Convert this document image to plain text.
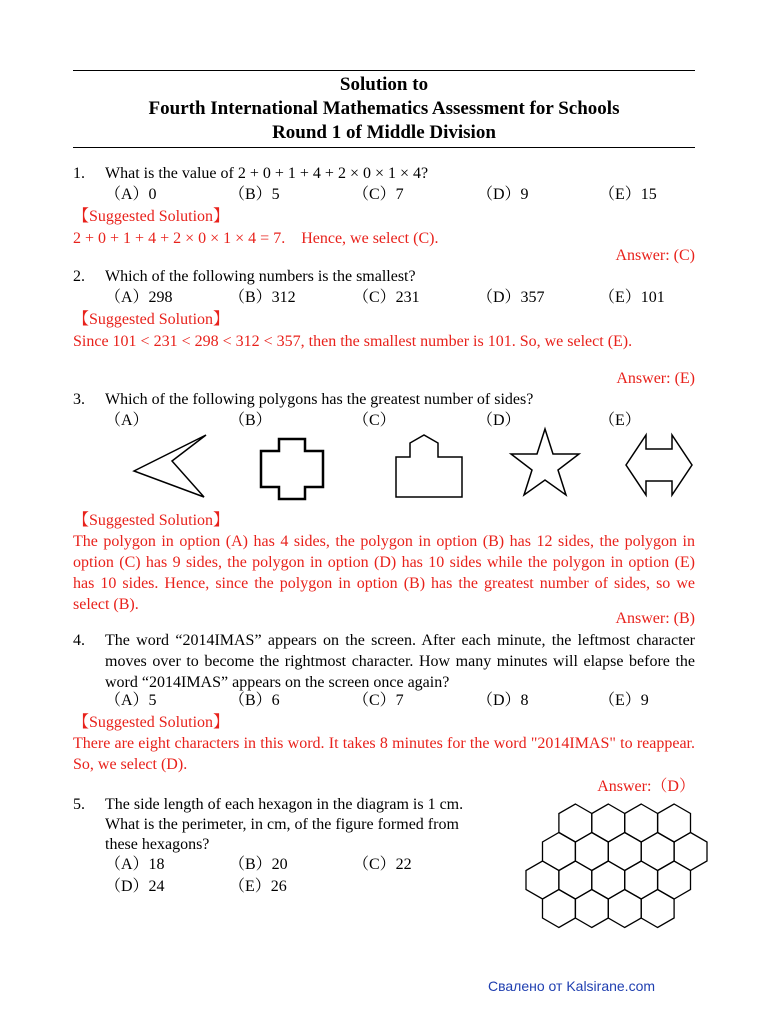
Solution to
Fourth International Mathematics Assessment for Schools
Round 1 of Middle Division
1. What is the value of 2 + 0 + 1 + 4 + 2 × 0 × 1 × 4?
（A）0	（B）5	（C）7	（D）9	（E）15
【Suggested Solution】
2 + 0 + 1 + 4 + 2 × 0 × 1 × 4 = 7.    Hence, we select (C).
Answer: (C)
2. Which of the following numbers is the smallest?
（A）298	（B）312	（C）231	（D）357	（E）101
【Suggested Solution】
Since 101 < 231 < 298 < 312 < 357, then the smallest number is 101. So, we select (E).
Answer: (E)
3. Which of the following polygons has the greatest number of sides?
（A）	（B）	（C）	（D）	（E）
【Suggested Solution】
The polygon in option (A) has 4 sides, the polygon in option (B) has 12 sides, the polygon in option (C) has 9 sides, the polygon in option (D) has 10 sides while the polygon in option (E) has 10 sides. Hence, since the polygon in option (B) has the greatest number of sides, so we select (B).
Answer: (B)
4. The word “2014IMAS” appears on the screen. After each minute, the leftmost character moves over to become the rightmost character. How many minutes will elapse before the word “2014IMAS” appears on the screen once again?
（A）5	（B）6	（C）7	（D）8	（E）9
【Suggested Solution】
There are eight characters in this word. It takes 8 minutes for the word "2014IMAS" to reappear. So, we select (D).
Answer:（D）
5. The side length of each hexagon in the diagram is 1 cm.
What is the perimeter, in cm, of the figure formed from
these hexagons?
（A）18	（B）20	（C）22
（D）24	（E）26
Свалено от Kalsirane.com
